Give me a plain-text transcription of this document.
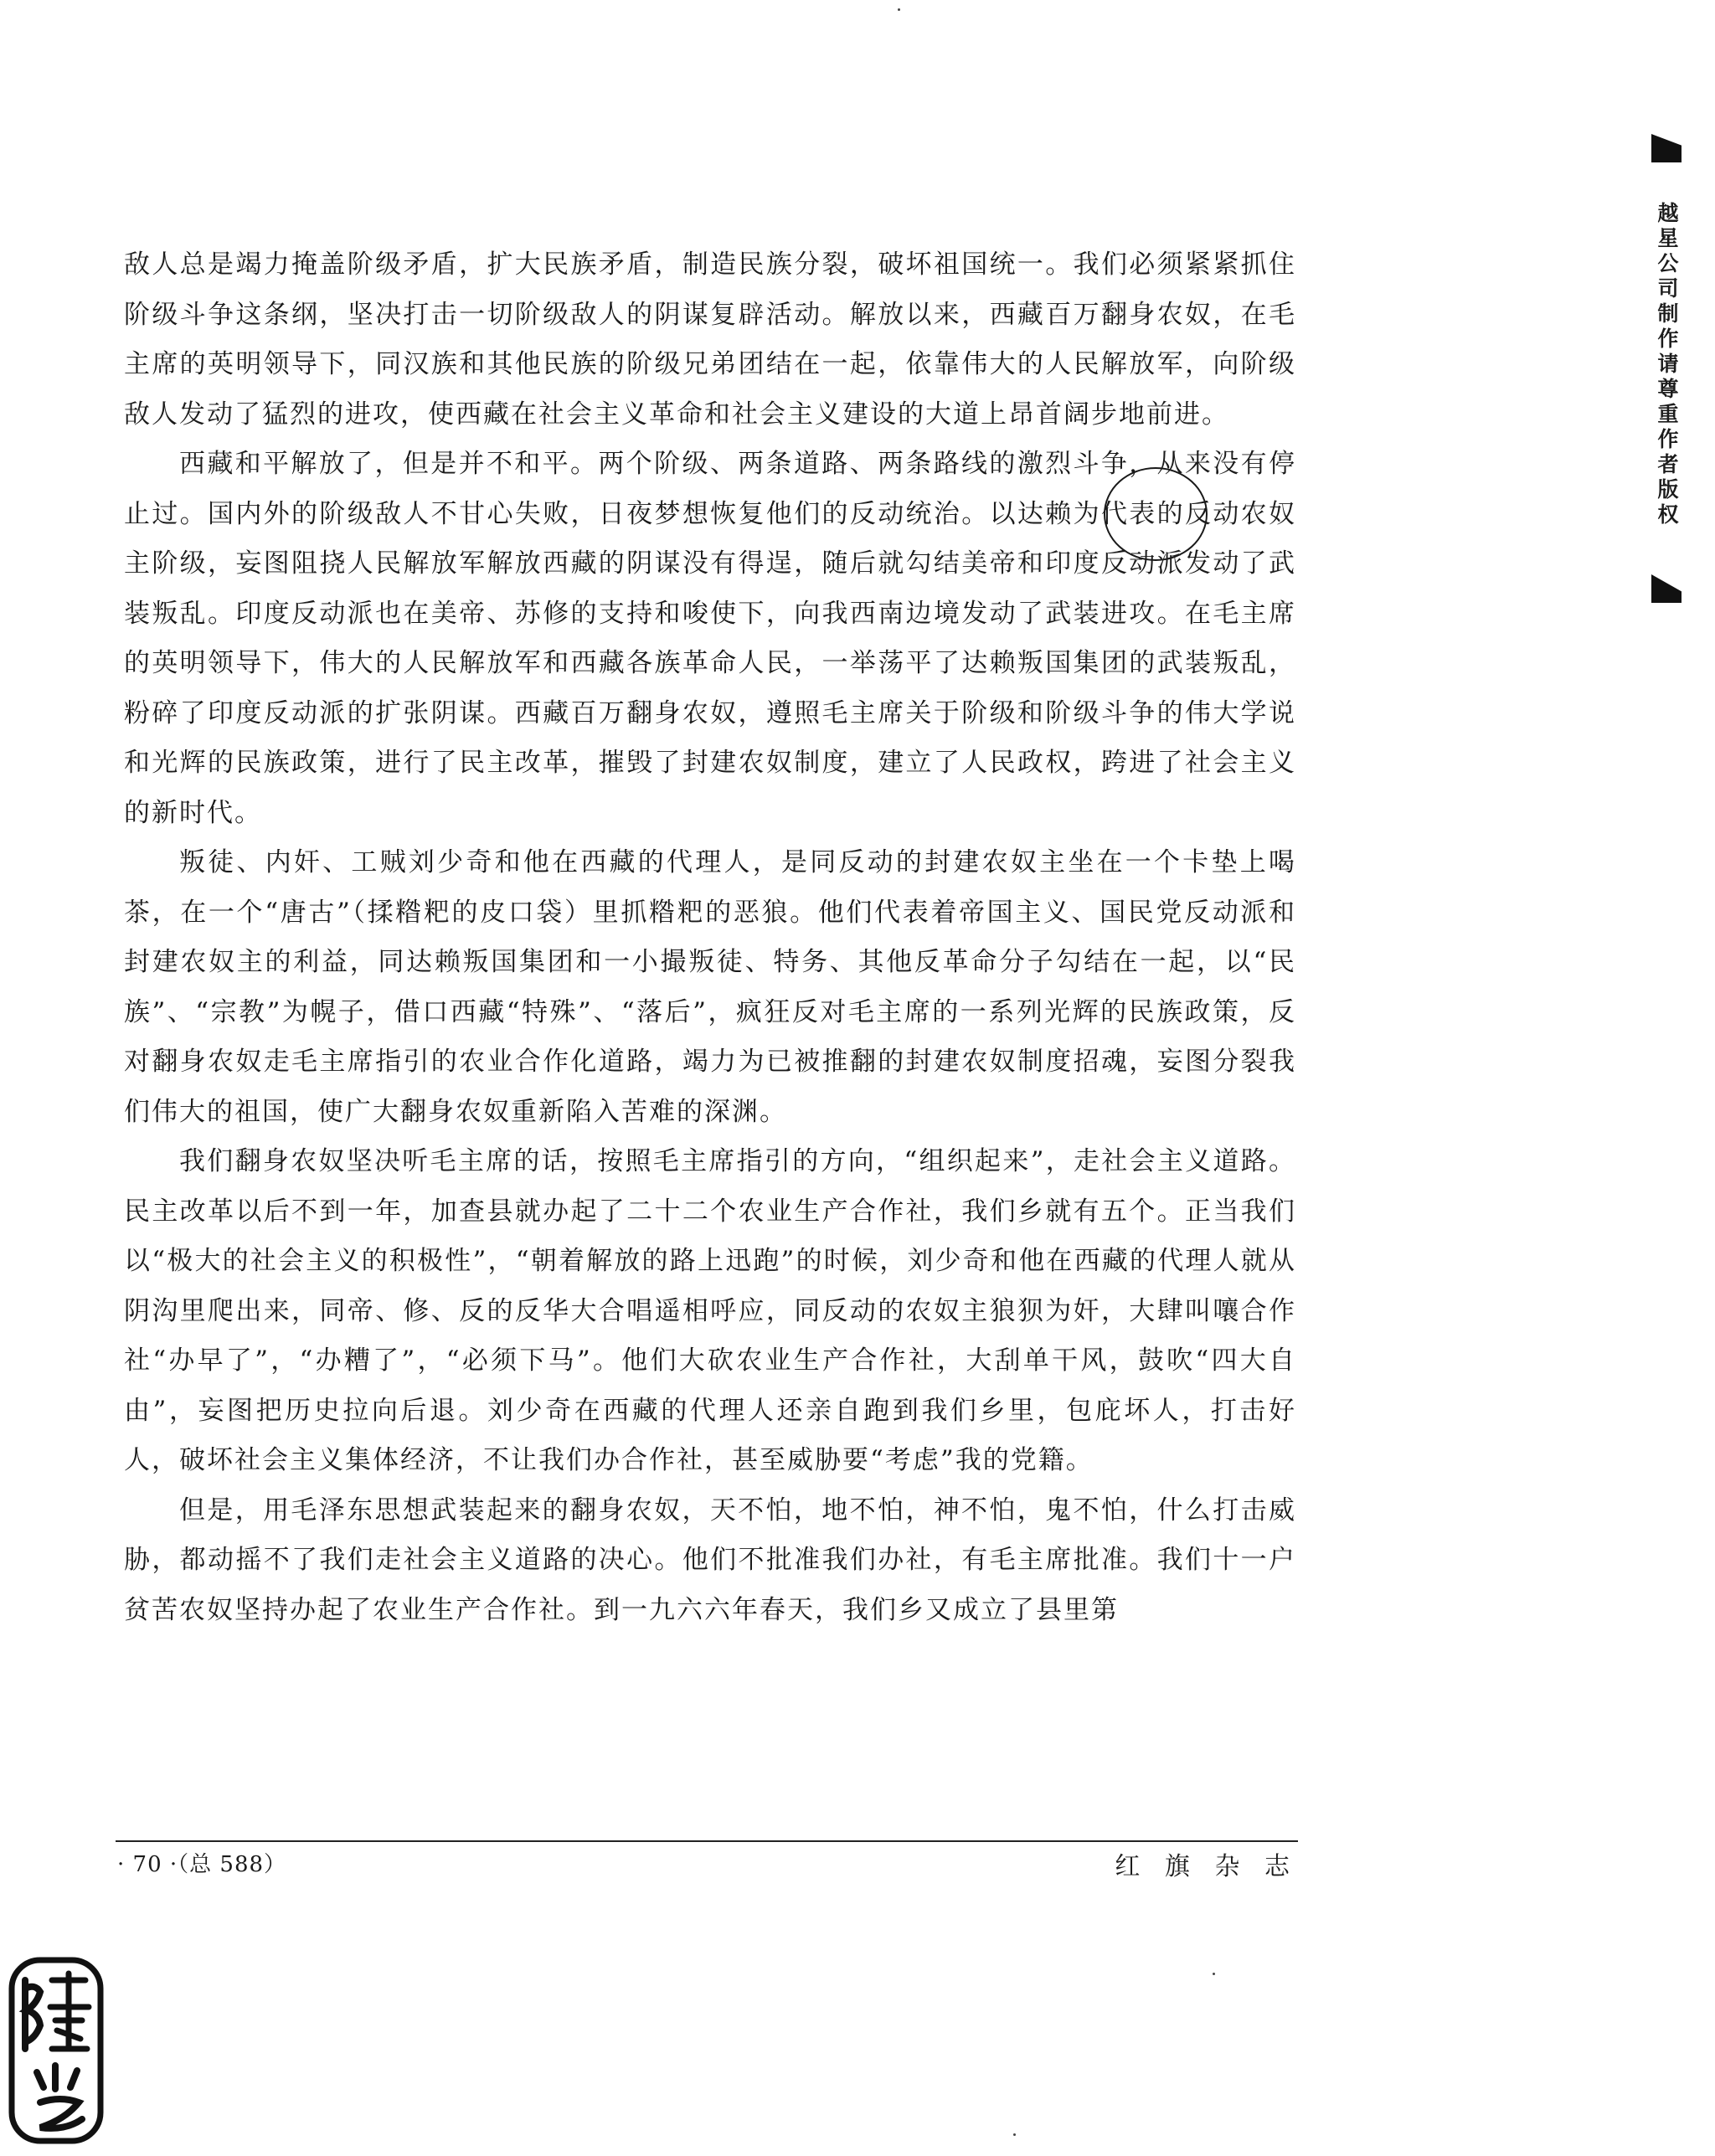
敌人总是竭力掩盖阶级矛盾，扩大民族矛盾，制造民族分裂，破坏祖国统一。我们必须紧紧抓住阶级斗争这条纲，坚决打击一切阶级敌人的阴谋复辟活动。解放以来，西藏百万翻身农奴，在毛主席的英明领导下，同汉族和其他民族的阶级兄弟团结在一起，依靠伟大的人民解放军，向阶级敌人发动了猛烈的进攻，使西藏在社会主义革命和社会主义建设的大道上昂首阔步地前进。

西藏和平解放了，但是并不和平。两个阶级、两条道路、两条路线的激烈斗争，从来没有停止过。国内外的阶级敌人不甘心失败，日夜梦想恢复他们的反动统治。以达赖为代表的反动农奴主阶级，妄图阻挠人民解放军解放西藏的阴谋没有得逞，随后就勾结美帝和印度反动派发动了武装叛乱。印度反动派也在美帝、苏修的支持和唆使下，向我西南边境发动了武装进攻。在毛主席的英明领导下，伟大的人民解放军和西藏各族革命人民，一举荡平了达赖叛国集团的武装叛乱，粉碎了印度反动派的扩张阴谋。西藏百万翻身农奴，遵照毛主席关于阶级和阶级斗争的伟大学说和光辉的民族政策，进行了民主改革，摧毁了封建农奴制度，建立了人民政权，跨进了社会主义的新时代。

叛徒、内奸、工贼刘少奇和他在西藏的代理人，是同反动的封建农奴主坐在一个卡垫上喝茶，在一个“唐古”（揉糌粑的皮口袋）里抓糌粑的恶狼。他们代表着帝国主义、国民党反动派和封建农奴主的利益，同达赖叛国集团和一小撮叛徒、特务、其他反革命分子勾结在一起，以“民族”、“宗教”为幌子，借口西藏“特殊”、“落后”，疯狂反对毛主席的一系列光辉的民族政策，反对翻身农奴走毛主席指引的农业合作化道路，竭力为已被推翻的封建农奴制度招魂，妄图分裂我们伟大的祖国，使广大翻身农奴重新陷入苦难的深渊。

我们翻身农奴坚决听毛主席的话，按照毛主席指引的方向，“组织起来”，走社会主义道路。民主改革以后不到一年，加查县就办起了二十二个农业生产合作社，我们乡就有五个。正当我们以“极大的社会主义的积极性”，“朝着解放的路上迅跑”的时候，刘少奇和他在西藏的代理人就从阴沟里爬出来，同帝、修、反的反华大合唱遥相呼应，同反动的农奴主狼狈为奸，大肆叫嚷合作社“办早了”，“办糟了”，“必须下马”。他们大砍农业生产合作社，大刮单干风，鼓吹“四大自由”，妄图把历史拉向后退。刘少奇在西藏的代理人还亲自跑到我们乡里，包庇坏人，打击好人，破坏社会主义集体经济，不让我们办合作社，甚至威胁要“考虑”我的党籍。

但是，用毛泽东思想武装起来的翻身农奴，天不怕，地不怕，神不怕，鬼不怕，什么打击威胁，都动摇不了我们走社会主义道路的决心。他们不批准我们办社，有毛主席批准。我们十一户贫苦农奴坚持办起了农业生产合作社。到一九六六年春天，我们乡又成立了县里第

越星公司制作请尊重作者版权
· 70 ·（总 588）	红 旗 杂 志
